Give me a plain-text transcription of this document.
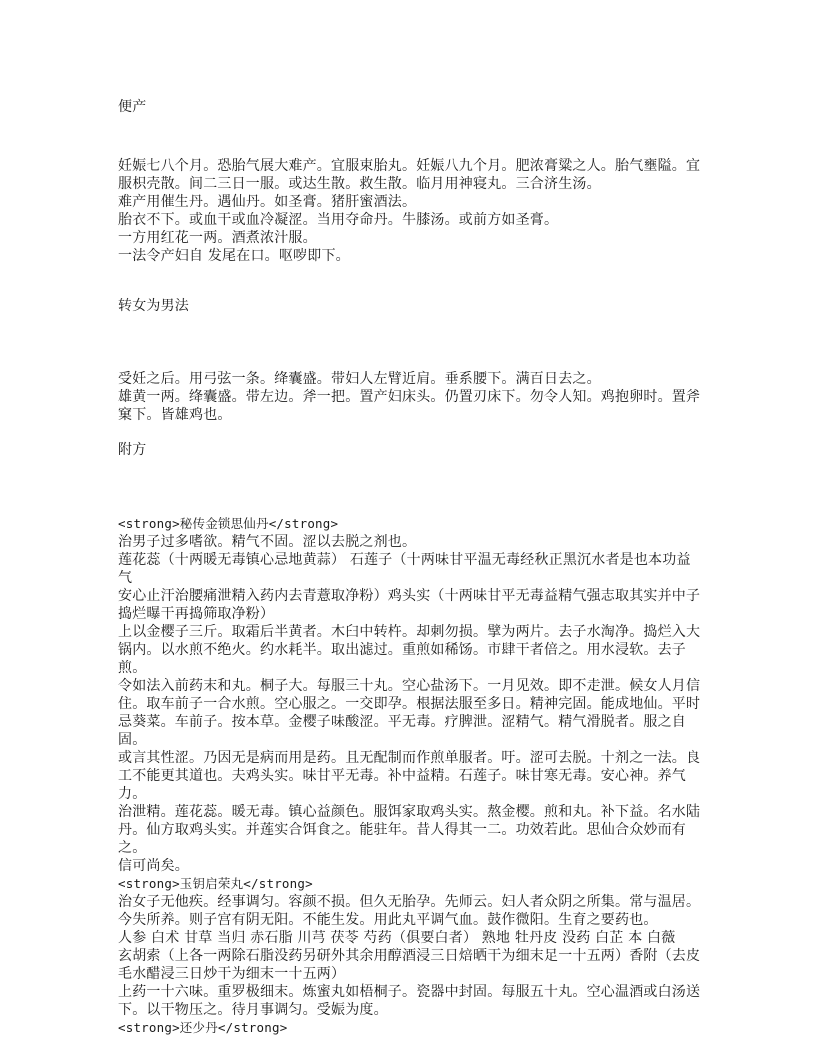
便产
妊娠七八个月。恐胎气展大难产。宜服束胎丸。妊娠八九个月。肥浓膏粱之人。胎气壅隘。宜
服枳壳散。间二三日一服。或达生散。救生散。临月用神寝丸。三合济生汤。
难产用催生丹。遇仙丹。如圣膏。猪肝蜜酒法。
胎衣不下。或血干或血冷凝涩。当用夺命丹。牛膝汤。或前方如圣膏。
一方用红花一两。酒煮浓汁服。
一法令产妇自 发尾在口。呕哕即下。
转女为男法
受妊之后。用弓弦一条。绛囊盛。带妇人左臂近肩。垂系腰下。满百日去之。
雄黄一两。绛囊盛。带左边。斧一把。置产妇床头。仍置刃床下。勿令人知。鸡抱卵时。置斧
窠下。皆雄鸡也。
附方
<strong>秘传金锁思仙丹</strong>
治男子过多嗜欲。精气不固。涩以去脱之剂也。
莲花蕊（十两暖无毒镇心忌地黄蒜） 石莲子（十两味甘平温无毒经秋正黑沉水者是也本功益气
安心止汗治腰痛泄精入药内去青薏取净粉）鸡头实（十两味甘平无毒益精气强志取其实并中子
捣烂曝干再捣筛取净粉）
上以金樱子三斤。取霜后半黄者。木臼中转杵。却刺勿损。擘为两片。去子水淘净。捣烂入大
锅内。以水煎不绝火。约水耗半。取出滤过。重煎如稀饧。市肆干者倍之。用水浸软。去子煎。
令如法入前药末和丸。桐子大。每服三十丸。空心盐汤下。一月见效。即不走泄。候女人月信
住。取车前子一合水煎。空心服之。一交即孕。根据法服至多日。精神完固。能成地仙。平时
忌葵菜。车前子。按本草。金樱子味酸涩。平无毒。疗脾泄。涩精气。精气滑脱者。服之自固。
或言其性涩。乃因无是病而用是药。且无配制而作煎单服者。吁。涩可去脱。十剂之一法。良
工不能更其道也。夫鸡头实。味甘平无毒。补中益精。石莲子。味甘寒无毒。安心神。养气力。
治泄精。莲花蕊。暖无毒。镇心益颜色。服饵家取鸡头实。熬金樱。煎和丸。补下益。名水陆
丹。仙方取鸡头实。并莲实合饵食之。能驻年。昔人得其一二。功效若此。思仙合众妙而有之。
信可尚矣。
<strong>玉钥启荣丸</strong>
治女子无他疾。经事调匀。容颜不损。但久无胎孕。先师云。妇人者众阴之所集。常与温居。
今失所养。则子宫有阴无阳。不能生发。用此丸平调气血。鼓作微阳。生育之要药也。
人参 白术 甘草 当归 赤石脂 川芎 茯苓 芍药（俱要白者） 熟地 牡丹皮 没药 白芷 本 白薇
玄胡索（上各一两除石脂没药另研外其余用醇酒浸三日焙晒干为细末足一十五两）香附（去皮
毛水醋浸三日炒干为细末一十五两）
上药一十六味。重罗极细末。炼蜜丸如梧桐子。瓷器中封固。每服五十丸。空心温酒或白汤送
下。以干物压之。待月事调匀。受娠为度。
<strong>还少丹</strong>
